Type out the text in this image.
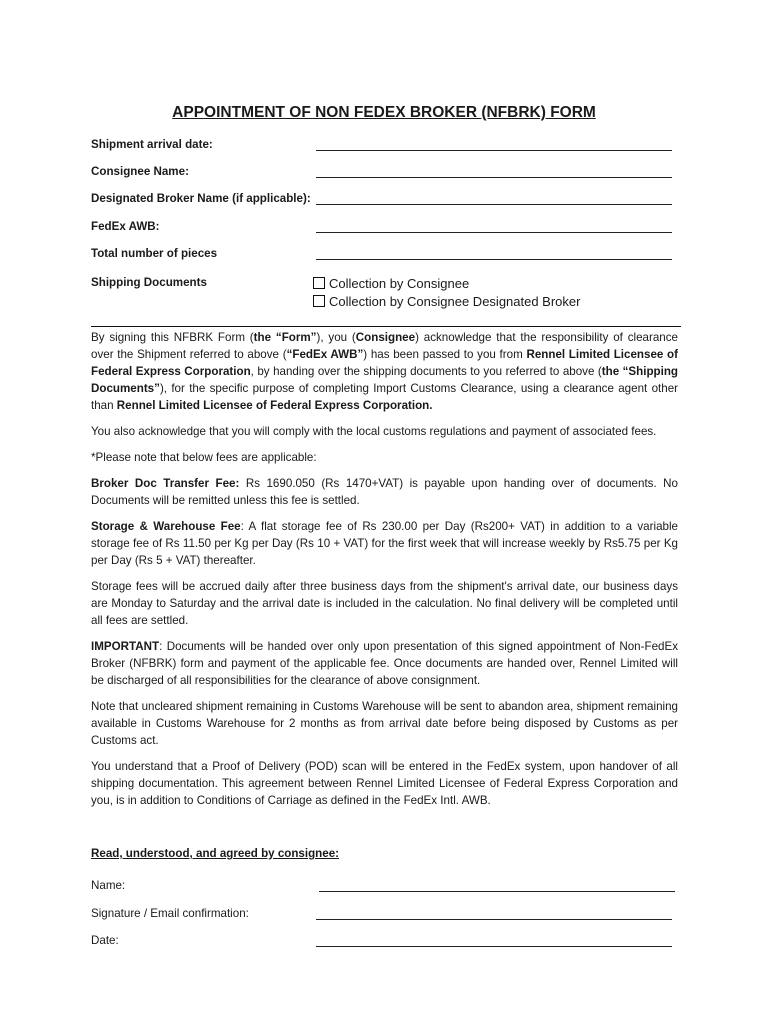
APPOINTMENT OF NON FEDEX BROKER (NFBRK) FORM
Shipment arrival date:
Consignee Name:
Designated Broker Name (if applicable):
FedEx AWB:
Total number of pieces
Shipping Documents	Collection by Consignee
Collection by Consignee Designated Broker

By signing this NFBRK Form (the “Form”), you (Consignee) acknowledge that the responsibility of clearance over the Shipment referred to above (“FedEx AWB”) has been passed to you from Rennel Limited Licensee of Federal Express Corporation, by handing over the shipping documents to you referred to above (the “Shipping Documents”), for the specific purpose of completing Import Customs Clearance, using a clearance agent other than Rennel Limited Licensee of Federal Express Corporation.

You also acknowledge that you will comply with the local customs regulations and payment of associated fees.

*Please note that below fees are applicable:

Broker Doc Transfer Fee: Rs 1690.050 (Rs 1470+VAT) is payable upon handing over of documents. No Documents will be remitted unless this fee is settled.

Storage & Warehouse Fee: A flat storage fee of Rs 230.00 per Day (Rs200+ VAT) in addition to a variable storage fee of Rs 11.50 per Kg per Day (Rs 10 + VAT) for the first week that will increase weekly by Rs5.75 per Kg per Day (Rs 5 + VAT) thereafter.

Storage fees will be accrued daily after three business days from the shipment's arrival date, our business days are Monday to Saturday and the arrival date is included in the calculation. No final delivery will be completed until all fees are settled.

IMPORTANT: Documents will be handed over only upon presentation of this signed appointment of Non-FedEx Broker (NFBRK) form and payment of the applicable fee. Once documents are handed over, Rennel Limited will be discharged of all responsibilities for the clearance of above consignment.

Note that uncleared shipment remaining in Customs Warehouse will be sent to abandon area, shipment remaining available in Customs Warehouse for 2 months as from arrival date before being disposed by Customs as per Customs act.

You understand that a Proof of Delivery (POD) scan will be entered in the FedEx system, upon handover of all shipping documentation. This agreement between Rennel Limited Licensee of Federal Express Corporation and you, is in addition to Conditions of Carriage as defined in the FedEx Intl. AWB.

Read, understood, and agreed by consignee:
Name:
Signature / Email confirmation:
Date:
